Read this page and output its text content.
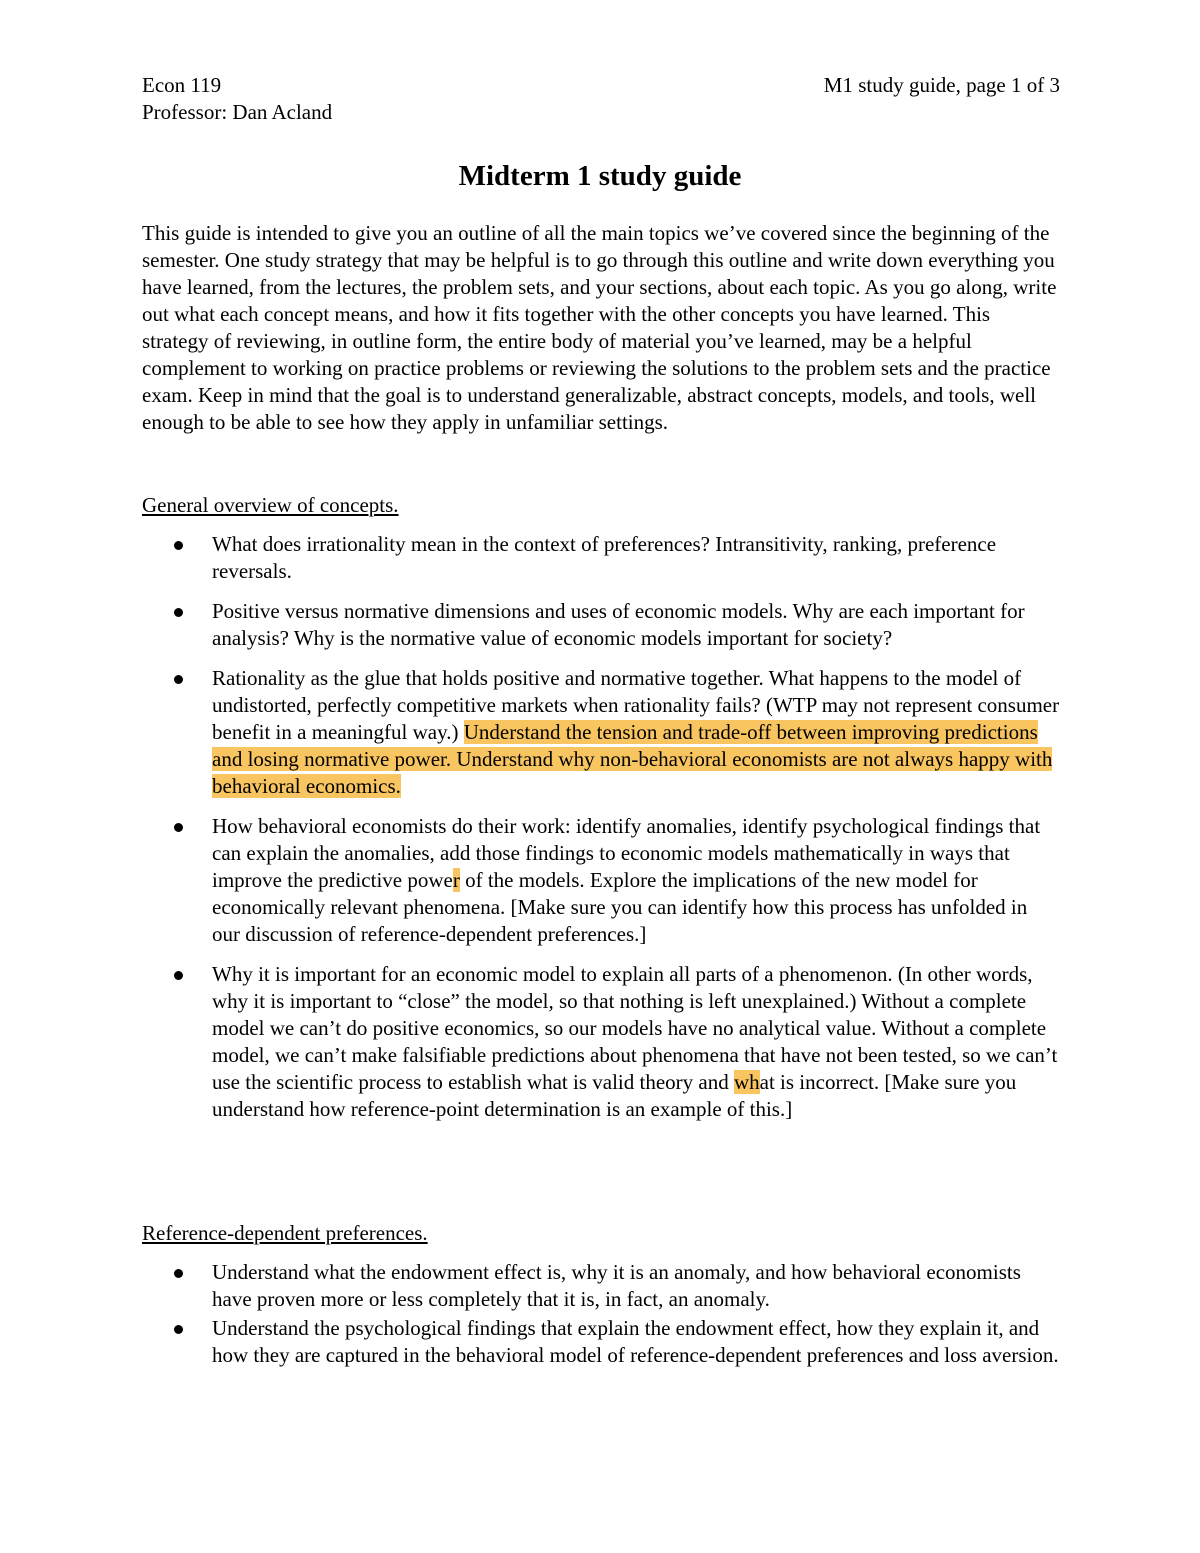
Econ 119	M1 study guide, page 1 of 3
Professor: Dan Acland
Midterm 1 study guide

This guide is intended to give you an outline of all the main topics we’ve covered since the beginning of the semester. One study strategy that may be helpful is to go through this outline and write down everything you have learned, from the lectures, the problem sets, and your sections, about each topic. As you go along, write out what each concept means, and how it fits together with the other concepts you have learned. This strategy of reviewing, in outline form, the entire body of material you’ve learned, may be a helpful complement to working on practice problems or reviewing the solutions to the problem sets and the practice exam. Keep in mind that the goal is to understand generalizable, abstract concepts, models, and tools, well enough to be able to see how they apply in unfamiliar settings.

General overview of concepts.

What does irrationality mean in the context of preferences? Intransitivity, ranking, preference reversals.
Positive versus normative dimensions and uses of economic models. Why are each important for analysis? Why is the normative value of economic models important for society?
Rationality as the glue that holds positive and normative together. What happens to the model of undistorted, perfectly competitive markets when rationality fails? (WTP may not represent consumer benefit in a meaningful way.) Understand the tension and trade-off between improving predictions and losing normative power. Understand why non-behavioral economists are not always happy with behavioral economics.
How behavioral economists do their work: identify anomalies, identify psychological findings that can explain the anomalies, add those findings to economic models mathematically in ways that improve the predictive power of the models. Explore the implications of the new model for economically relevant phenomena. [Make sure you can identify how this process has unfolded in our discussion of reference-dependent preferences.]
Why it is important for an economic model to explain all parts of a phenomenon. (In other words, why it is important to “close” the model, so that nothing is left unexplained.) Without a complete model we can’t do positive economics, so our models have no analytical value. Without a complete model, we can’t make falsifiable predictions about phenomena that have not been tested, so we can’t use the scientific process to establish what is valid theory and what is incorrect. [Make sure you understand how reference-point determination is an example of this.]

Reference-dependent preferences.

Understand what the endowment effect is, why it is an anomaly, and how behavioral economists have proven more or less completely that it is, in fact, an anomaly.
Understand the psychological findings that explain the endowment effect, how they explain it, and how they are captured in the behavioral model of reference-dependent preferences and loss aversion.
